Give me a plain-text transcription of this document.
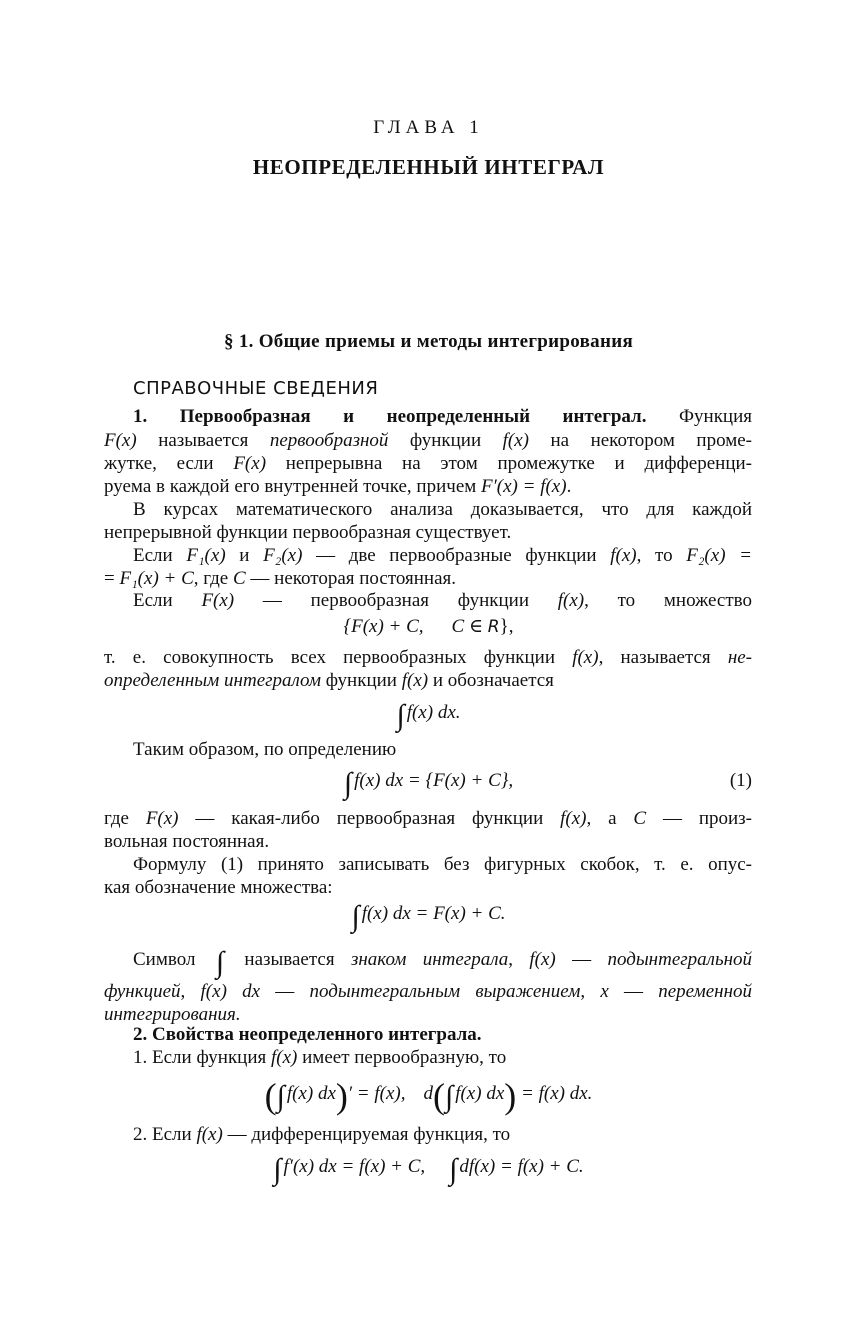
ГЛАВА 1
НЕОПРЕДЕЛЕННЫЙ ИНТЕГРАЛ
§ 1. Общие приемы и методы интегрирования
СПРАВОЧНЫЕ СВЕДЕНИЯ
1. Первообразная и неопределенный интеграл. Функция
F(x) называется первообразной функции f(x) на некотором проме-
жутке, если F(x) непрерывна на этом промежутке и дифференци-
руема в каждой его внутренней точке, причем F′(x) = f(x).
В курсах математического анализа доказывается, что для каждой
непрерывной функции первообразная существует.
Если F₁(x) и F₂(x) — две первообразные функции f(x), то F₂(x) =
= F₁(x) + C, где C — некоторая постоянная.
Если F(x) — первообразная функции f(x), то множество
{F(x) + C, C ∈ R},
т. е. совокупность всех первообразных функции f(x), называется не-
определенным интегралом функции f(x) и обозначается
∫ f(x) dx.
Таким образом, по определению
∫ f(x) dx = {F(x) + C},	(1)
где F(x) — какая-либо первообразная функции f(x), а C — произ-
вольная постоянная.
Формулу (1) принято записывать без фигурных скобок, т. е. опус-
кая обозначение множества:
∫ f(x) dx = F(x) + C.
Символ ∫ называется знаком интеграла, f(x) — подынтегральной
функцией, f(x) dx — подынтегральным выражением, x — переменной
интегрирования.
2. Свойства неопределенного интеграла.
1. Если функция f(x) имеет первообразную, то
(∫ f(x) dx)′ = f(x), d(∫ f(x) dx) = f(x) dx.
2. Если f(x) — дифференцируемая функция, то
∫ f′(x) dx = f(x) + C, ∫ df(x) = f(x) + C.
